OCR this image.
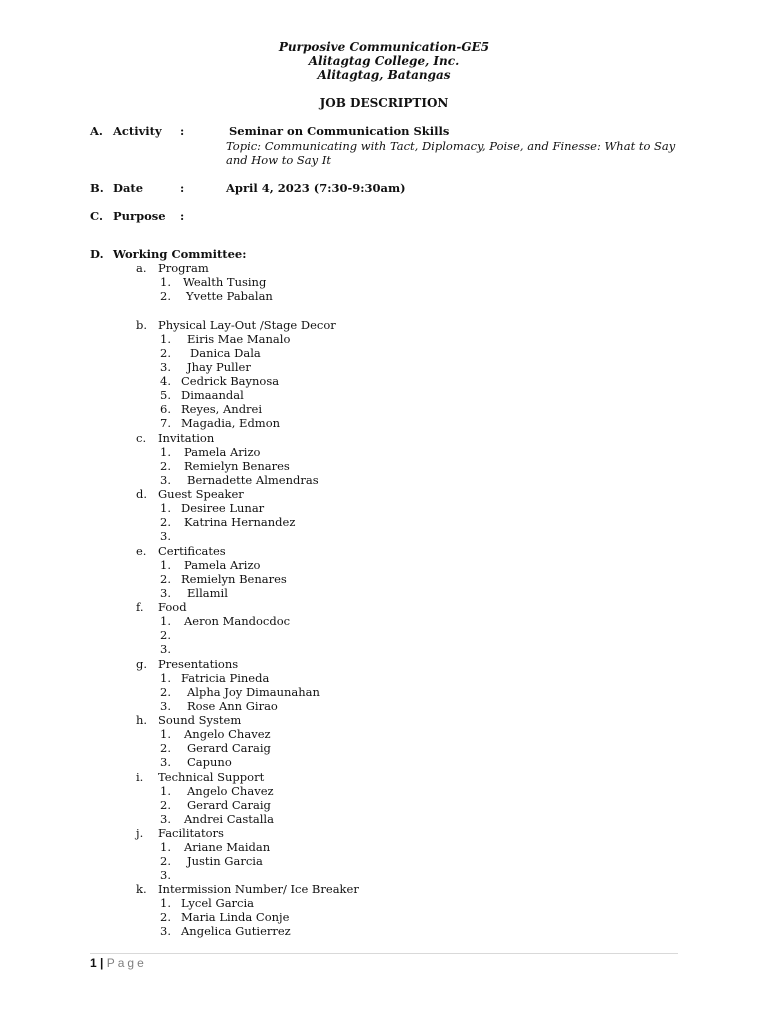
Purposive Communication-GE5
Alitagtag College, Inc.
Alitagtag, Batangas
JOB DESCRIPTION
A. Activity :	Seminar on Communication Skills
Topic: Communicating with Tact, Diplomacy, Poise, and Finesse: What to Say
and How to Say It
B. Date	:	April 4, 2023 (7:30-9:30am)
C. Purpose :
D. Working Committee:
a. Program
1. Wealth Tusing
2. Yvette Pabalan
b. Physical Lay-Out /Stage Decor
1. Eiris Mae Manalo
2. Danica Dala
3. Jhay Puller
4. Cedrick Baynosa
5. Dimaandal
6. Reyes, Andrei
7. Magadia, Edmon
c. Invitation
1. Pamela Arizo
2. Remielyn Benares
3. Bernadette Almendras
d. Guest Speaker
1. Desiree Lunar
2. Katrina Hernandez
3.
e. Certificates
1. Pamela Arizo
2. Remielyn Benares
3. Ellamil
f. Food
1. Aeron Mandocdoc
2.
3.
g. Presentations
1. Fatricia Pineda
2. Alpha Joy Dimaunahan
3. Rose Ann Girao
h. Sound System
1. Angelo Chavez
2. Gerard Caraig
3. Capuno
i. Technical Support
1. Angelo Chavez
2. Gerard Caraig
3. Andrei Castalla
j. Facilitators
1. Ariane Maidan
2. Justin Garcia
3.
k. Intermission Number/ Ice Breaker
1. Lycel Garcia
2. Maria Linda Conje
3. Angelica Gutierrez
1 | Page
